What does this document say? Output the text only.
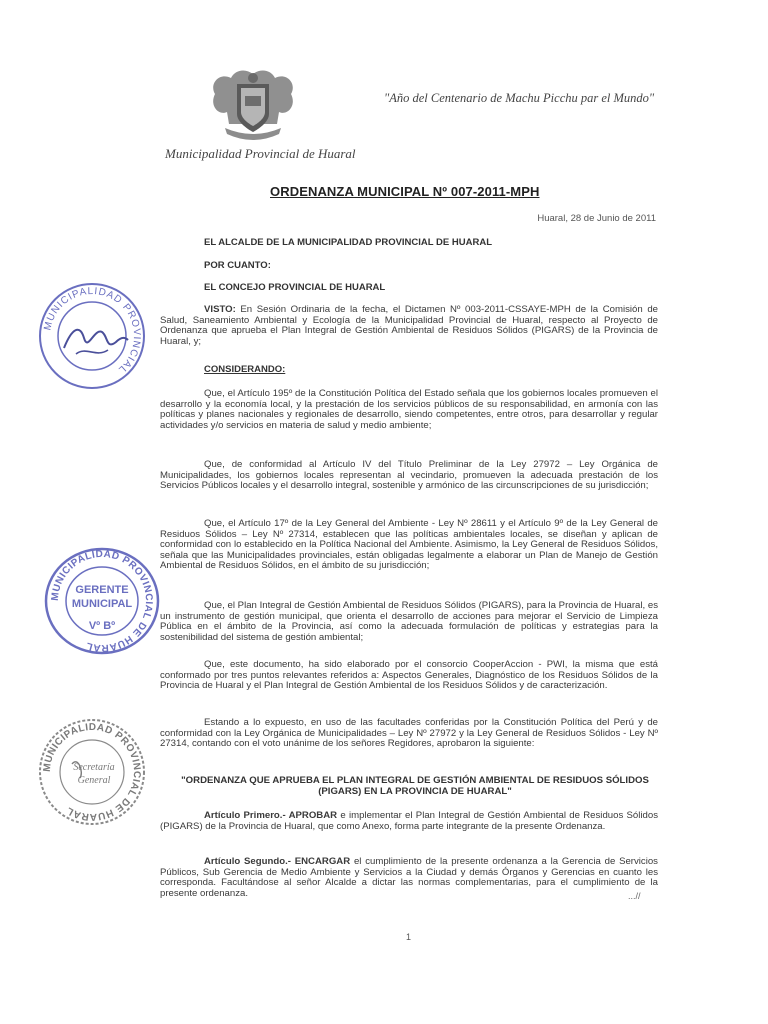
"Año del Centenario de Machu Picchu par el Mundo"
Municipalidad Provincial de Huaral
ORDENANZA MUNICIPAL Nº 007-2011-MPH
Huaral, 28 de Junio de 2011
EL ALCALDE DE LA MUNICIPALIDAD PROVINCIAL DE HUARAL
POR CUANTO:
EL CONCEJO PROVINCIAL DE HUARAL
VISTO: En Sesión Ordinaria de la fecha, el Dictamen Nº 003-2011-CSSAYE-MPH de la Comisión de Salud, Saneamiento Ambiental y Ecología de la Municipalidad Provincial de Huaral, respecto al Proyecto de Ordenanza que aprueba el Plan Integral de Gestión Ambiental de Residuos Sólidos (PIGARS) de la Provincia de Huaral, y;
CONSIDERANDO:
Que, el Artículo 195º de la Constitución Política del Estado señala que los gobiernos locales promueven el desarrollo y la economía local, y la prestación de los servicios públicos de su responsabilidad, en armonía con las políticas y planes nacionales y regionales de desarrollo, siendo competentes, entre otros, para desarrollar y regular actividades y/o servicios en materia de salud y medio ambiente;
Que, de conformidad al Artículo IV del Título Preliminar de la Ley 27972 – Ley Orgánica de Municipalidades, los gobiernos locales representan al vecindario, promueven la adecuada prestación de los Servicios Públicos locales y el desarrollo integral, sostenible y armónico de las circunscripciones de su jurisdicción;
Que, el Artículo 17º de la Ley General del Ambiente - Ley Nº 28611 y el Artículo 9º de la Ley General de Residuos Sólidos – Ley Nº 27314, establecen que las políticas ambientales locales, se diseñan y aplican de conformidad con lo establecido en la Política Nacional del Ambiente. Asimismo, la Ley General de Residuos Sólidos, señala que las Municipalidades provinciales, están obligadas legalmente a elaborar un Plan de Manejo de Gestión Ambiental de Residuos Sólidos, en el ámbito de su jurisdicción;
Que, el Plan Integral de Gestión Ambiental de Residuos Sólidos (PIGARS), para la Provincia de Huaral, es un instrumento de gestión municipal, que orienta el desarrollo de acciones para mejorar el Servicio de Limpieza Pública en el ámbito de la Provincia, así como la adecuada formulación de políticas y estrategias para la sostenibilidad del sistema de gestión ambiental;
Que, este documento, ha sido elaborado por el consorcio CooperAccion - PWI, la misma que está conformado por tres puntos relevantes referidos a: Aspectos Generales, Diagnóstico de los Residuos Sólidos de la Provincia de Huaral y el Plan Integral de Gestión Ambiental de los Residuos Sólidos y de caracterización.
Estando a lo expuesto, en uso de las facultades conferidas por la Constitución Política del Perú y de conformidad con la Ley Orgánica de Municipalidades – Ley Nº 27972 y la Ley General de Residuos Sólidos - Ley Nº 27314, contando con el voto unánime de los señores Regidores, aprobaron la siguiente:
"ORDENANZA QUE APRUEBA EL PLAN INTEGRAL DE GESTIÓN AMBIENTAL DE RESIDUOS SÓLIDOS (PIGARS) EN LA PROVINCIA DE HUARAL"
Artículo Primero.- APROBAR e implementar el Plan Integral de Gestión Ambiental de Residuos Sólidos (PIGARS) de la Provincia de Huaral, que como Anexo, forma parte integrante de la presente Ordenanza.
Artículo Segundo.- ENCARGAR el cumplimiento de la presente ordenanza a la Gerencia de Servicios Públicos, Sub Gerencia de Medio Ambiente y Servicios a la Ciudad y demás Órganos y Gerencias en cuanto les corresponda. Facultándose al señor Alcalde a dictar las normas complementarias, para el cumplimiento de la presente ordenanza.	...//
1
MUNICIPALIDAD PROVINCIAL
MUNICIPALIDAD PROVINCIAL DE HUARAL
GERENTE
MUNICIPAL
Vº Bº
MUNICIPALIDAD PROVINCIAL DE HUARAL
Secretaría
General
